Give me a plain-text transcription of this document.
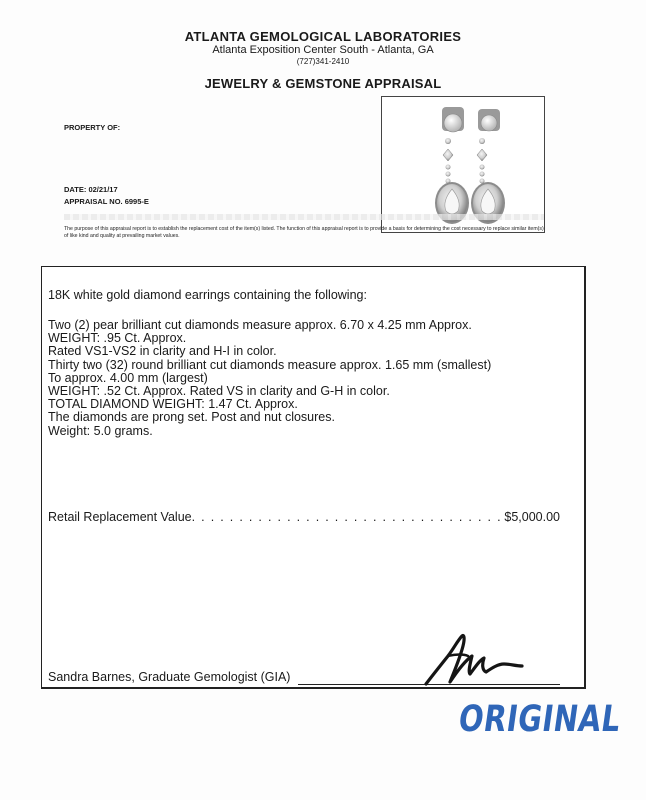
ATLANTA GEMOLOGICAL LABORATORIES
Atlanta Exposition Center South - Atlanta, GA
(727)341-2410
JEWELRY & GEMSTONE APPRAISAL
PROPERTY OF:
DATE: 02/21/17
APPRAISAL NO. 6995-E
The purpose of this appraisal report is to establish the replacement cost of the item(s) listed. The function of this appraisal report is to provide a basis for determining the cost necessary to replace similar item(s) of like kind and quality at prevailing market values.
18K white gold diamond earrings containing the following:
Two (2) pear brilliant cut diamonds measure approx. 6.70 x 4.25 mm Approx.
WEIGHT: .95 Ct. Approx.
Rated VS1-VS2 in clarity and H-I in color.
Thirty two (32) round brilliant cut diamonds measure approx. 1.65 mm (smallest)
To approx. 4.00 mm (largest)
WEIGHT: .52 Ct. Approx. Rated VS in clarity and G-H in color.
TOTAL DIAMOND WEIGHT: 1.47 Ct. Approx.
The diamonds are prong set. Post and nut closures.
Weight: 5.0 grams.
Retail Replacement Value
. . .	$5,000.00
Sandra Barnes, Graduate Gemologist (GIA)
ORIGINAL
